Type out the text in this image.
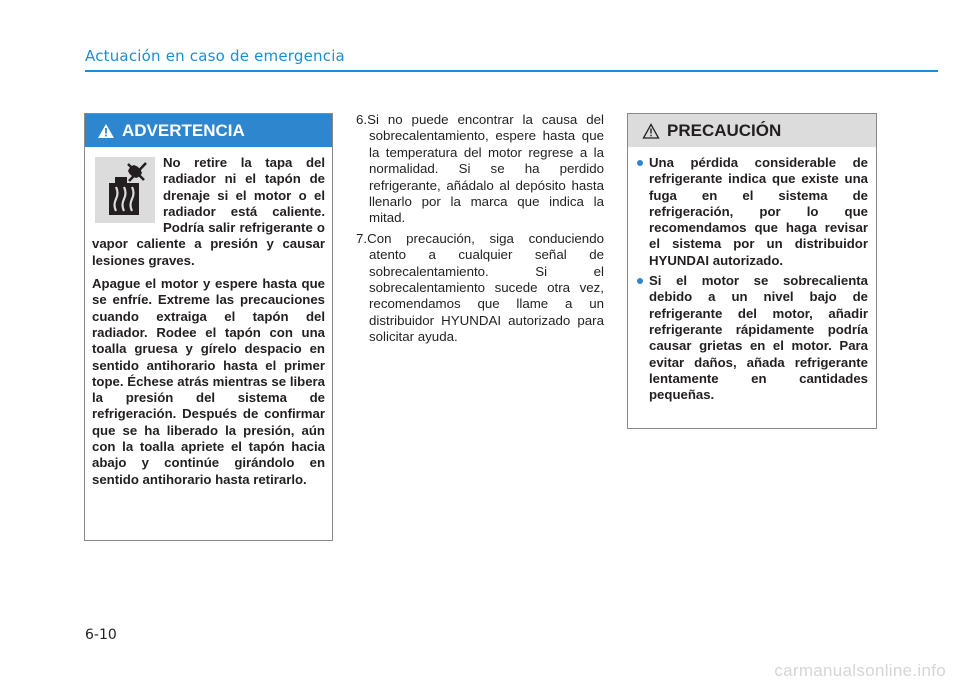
Actuación en caso de emergencia
ADVERTENCIA

No retire la tapa del radiador ni el tapón de drenaje si el motor o el radiador está caliente. Podría salir refrigerante o vapor caliente a presión y causar lesiones graves.

Apague el motor y espere hasta que se enfríe. Extreme las precauciones cuando extraiga el tapón del radiador. Rodee el tapón con una toalla gruesa y gírelo despacio en sentido antihorario hasta el primer tope. Échese atrás mientras se libera la presión del sistema de refrigeración. Después de confirmar que se ha liberado la presión, aún con la toalla apriete el tapón hacia abajo y continúe girándolo en sentido antihorario hasta retirarlo.

6.Si no puede encontrar la causa del sobrecalentamiento, espere hasta que la temperatura del motor regrese a la normalidad. Si se ha perdido refrigerante, añádalo al depósito hasta llenarlo por la marca que indica la mitad.

7.Con precaución, siga conduciendo atento a cualquier señal de sobrecalentamiento. Si el sobrecalentamiento sucede otra vez, recomendamos que llame a un distribuidor HYUNDAI autorizado para solicitar ayuda.

PRECAUCIÓN
Una pérdida considerable de refrigerante indica que existe una fuga en el sistema de refrigeración, por lo que recomendamos que haga revisar el sistema por un distribuidor HYUNDAI autorizado.
Si el motor se sobrecalienta debido a un nivel bajo de refrigerante del motor, añadir refrigerante rápidamente podría causar grietas en el motor. Para evitar daños, añada refrigerante lentamente en cantidades pequeñas.
6-10
carmanualsonline.info
